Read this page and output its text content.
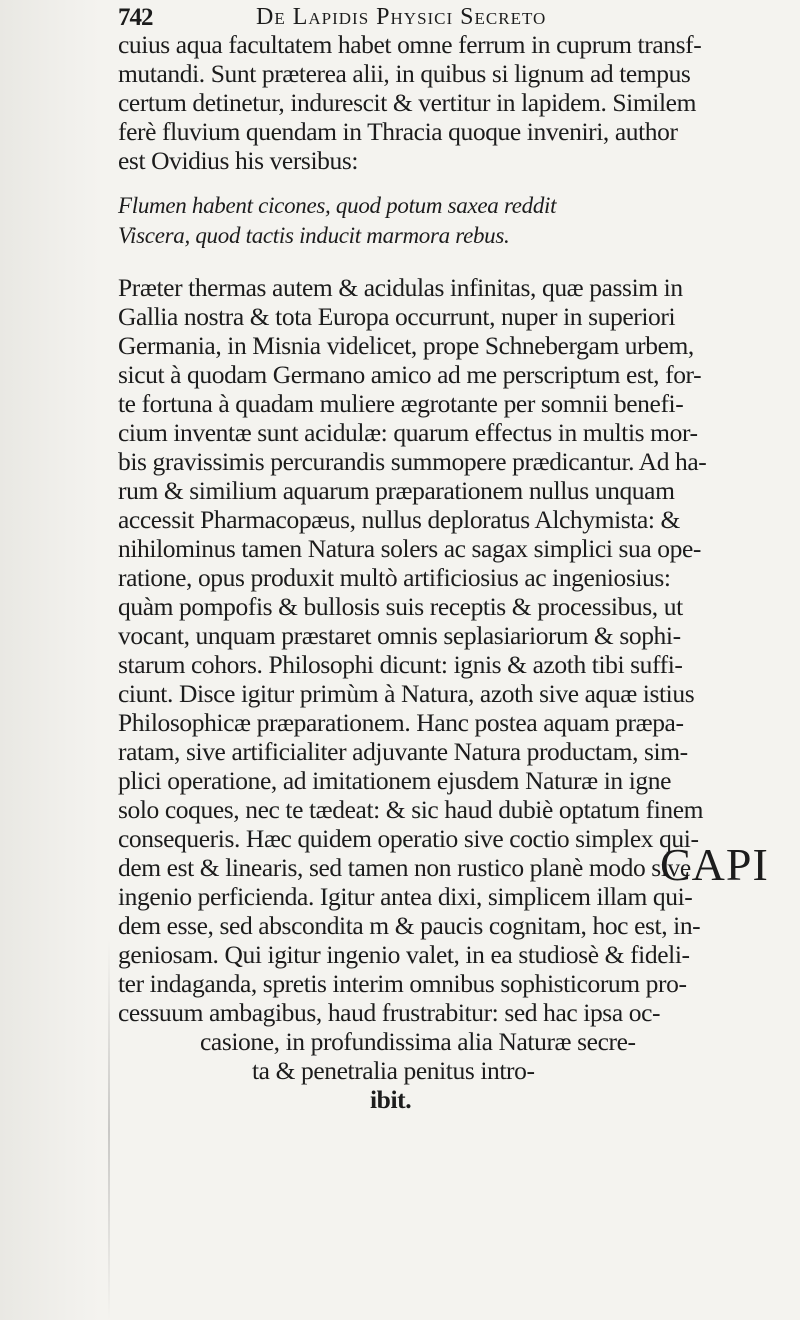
742	De Lapidis Physici Secreto
cuius aqua facultatem habet omne ferrum in cuprum transf-
mutandi. Sunt præterea alii, in quibus si lignum ad tempus
certum detinetur, indurescit & vertitur in lapidem. Similem
ferè fluvium quendam in Thracia quoque inveniri, author
est Ovidius his versibus:
Flumen habent cicones, quod potum saxea reddit
Viscera, quod tactis inducit marmora rebus.
Præter thermas autem & acidulas infinitas, quæ passim in
Gallia nostra & tota Europa occurrunt, nuper in superiori
Germania, in Misnia videlicet, prope Schnebergam urbem,
sicut à quodam Germano amico ad me perscriptum est, for-
te fortuna à quadam muliere ægrotante per somnii benefi-
cium inventæ sunt acidulæ: quarum effectus in multis mor-
bis gravissimis percurandis summopere prædicantur. Ad ha-
rum & similium aquarum præparationem nullus unquam
accessit Pharmacopæus, nullus deploratus Alchymista: &
nihilominus tamen Natura solers ac sagax simplici sua ope-
ratione, opus produxit multò artificiosius ac ingeniosius:
quàm pompofis & bullosis suis receptis & processibus, ut
vocant, unquam præstaret omnis seplasiariorum & sophi-
starum cohors. Philosophi dicunt: ignis & azoth tibi suffi-
ciunt. Disce igitur primùm à Natura, azoth sive aquæ istius
Philosophicæ præparationem. Hanc postea aquam præpa-
ratam, sive artificialiter adjuvante Natura productam, sim-
plici operatione, ad imitationem ejusdem Naturæ in igne
solo coques, nec te tædeat: & sic haud dubiè optatum finem
consequeris. Hæc quidem operatio sive coctio simplex qui-
dem est & linearis, sed tamen non rustico planè modo sive
ingenio perficienda. Igitur antea dixi, simplicem illam qui-
dem esse, sed abscondita m & paucis cognitam, hoc est, in-
geniosam. Qui igitur ingenio valet, in ea studiosè & fideli-
ter indaganda, spretis interim omnibus sophisticorum pro-
cessuum ambagibus, haud frustrabitur: sed hac ipsa oc-
casione, in profundissima alia Naturæ secre-
ta & penetralia penitus intro-
ibit.
CAPI
